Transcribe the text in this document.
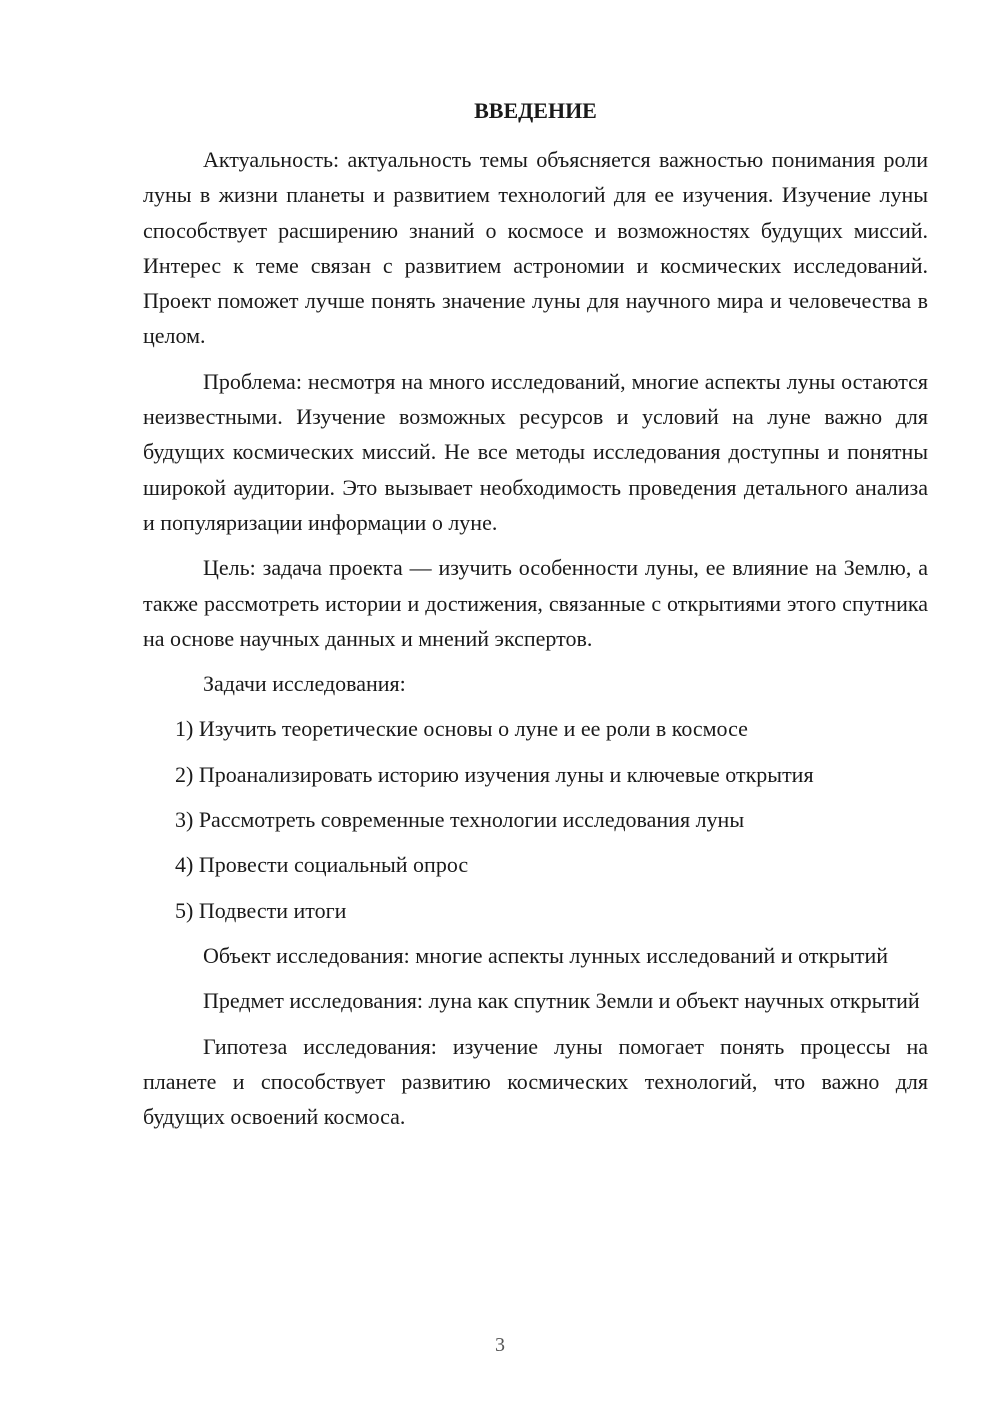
ВВЕДЕНИЕ

Актуальность: актуальность темы объясняется важностью понимания роли луны в жизни планеты и развитием технологий для ее изучения. Изучение луны способствует расширению знаний о космосе и возможностях будущих миссий. Интерес к теме связан с развитием астрономии и космических исследований. Проект поможет лучше понять значение луны для научного мира и человечества в целом.

Проблема: несмотря на много исследований, многие аспекты луны остаются неизвестными. Изучение возможных ресурсов и условий на луне важно для будущих космических миссий. Не все методы исследования доступны и понятны широкой аудитории. Это вызывает необходимость проведения детального анализа и популяризации информации о луне.

Цель: задача проекта — изучить особенности луны, ее влияние на Землю, а также рассмотреть истории и достижения, связанные с открытиями этого спутника на основе научных данных и мнений экспертов.

Задачи исследования:

1) Изучить теоретические основы о луне и ее роли в космосе
2) Проанализировать историю изучения луны и ключевые открытия
3) Рассмотреть современные технологии исследования луны
4) Провести социальный опрос
5) Подвести итоги

Объект исследования: многие аспекты лунных исследований и открытий

Предмет исследования: луна как спутник Земли и объект научных открытий

Гипотеза исследования: изучение луны помогает понять процессы на планете и способствует развитию космических технологий, что важно для будущих освоений космоса.

3
